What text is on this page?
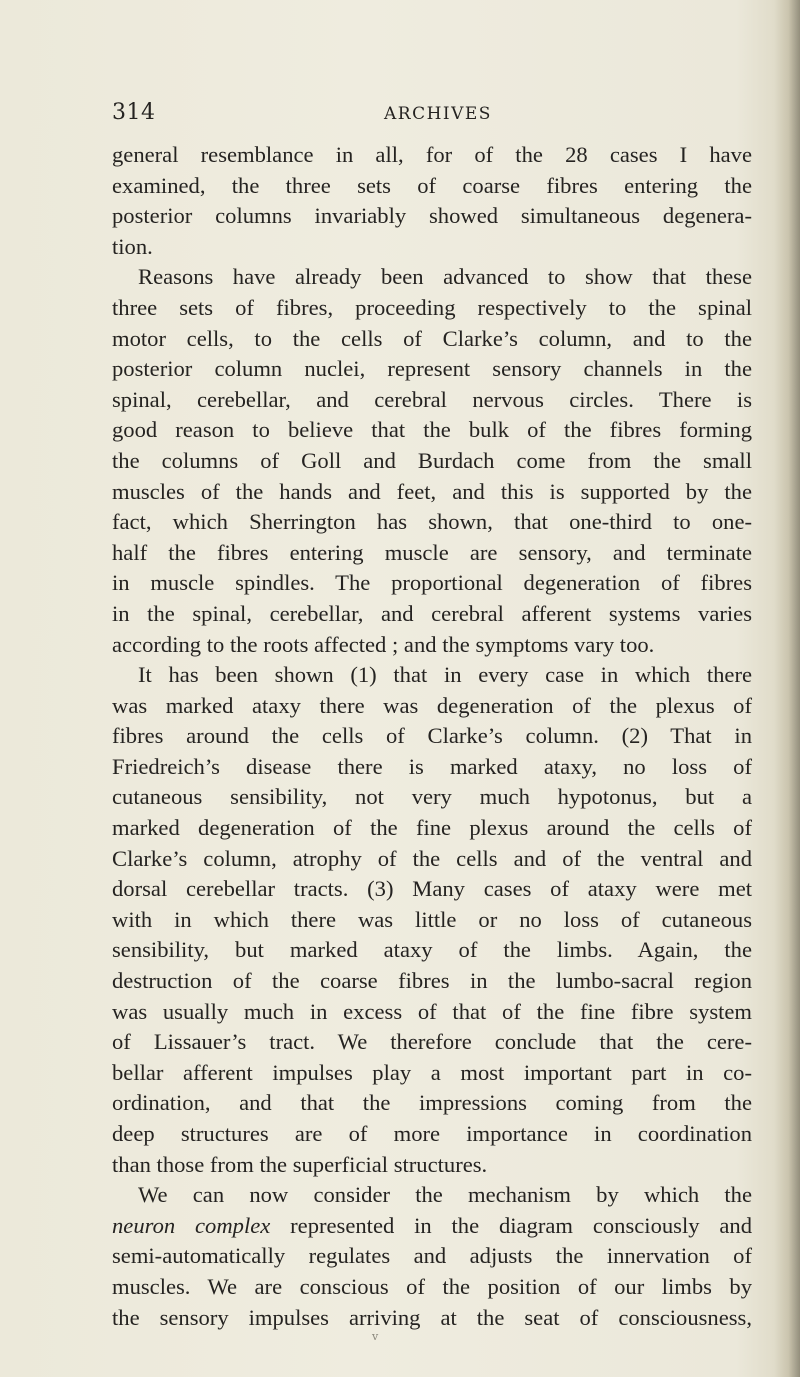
314	ARCHIVES
general resemblance in all, for of the 28 cases I have
examined, the three sets of coarse fibres entering the
posterior columns invariably showed simultaneous degenera-
tion.
Reasons have already been advanced to show that these
three sets of fibres, proceeding respectively to the spinal
motor cells, to the cells of Clarke’s column, and to the
posterior column nuclei, represent sensory channels in the
spinal, cerebellar, and cerebral nervous circles. There is
good reason to believe that the bulk of the fibres forming
the columns of Goll and Burdach come from the small
muscles of the hands and feet, and this is supported by the
fact, which Sherrington has shown, that one-third to one-
half the fibres entering muscle are sensory, and terminate
in muscle spindles. The proportional degeneration of fibres
in the spinal, cerebellar, and cerebral afferent systems varies
according to the roots affected ; and the symptoms vary too.
It has been shown (1) that in every case in which there
was marked ataxy there was degeneration of the plexus of
fibres around the cells of Clarke’s column. (2) That in
Friedreich’s disease there is marked ataxy, no loss of
cutaneous sensibility, not very much hypotonus, but a
marked degeneration of the fine plexus around the cells of
Clarke’s column, atrophy of the cells and of the ventral and
dorsal cerebellar tracts. (3) Many cases of ataxy were met
with in which there was little or no loss of cutaneous
sensibility, but marked ataxy of the limbs. Again, the
destruction of the coarse fibres in the lumbo-sacral region
was usually much in excess of that of the fine fibre system
of Lissauer’s tract. We therefore conclude that the cere-
bellar afferent impulses play a most important part in co-
ordination, and that the impressions coming from the
deep structures are of more importance in coordination
than those from the superficial structures.
We can now consider the mechanism by which the
neuron complex represented in the diagram consciously and
semi-automatically regulates and adjusts the innervation of
muscles. We are conscious of the position of our limbs by
the sensory impulses arriving at the seat of consciousness,
v
